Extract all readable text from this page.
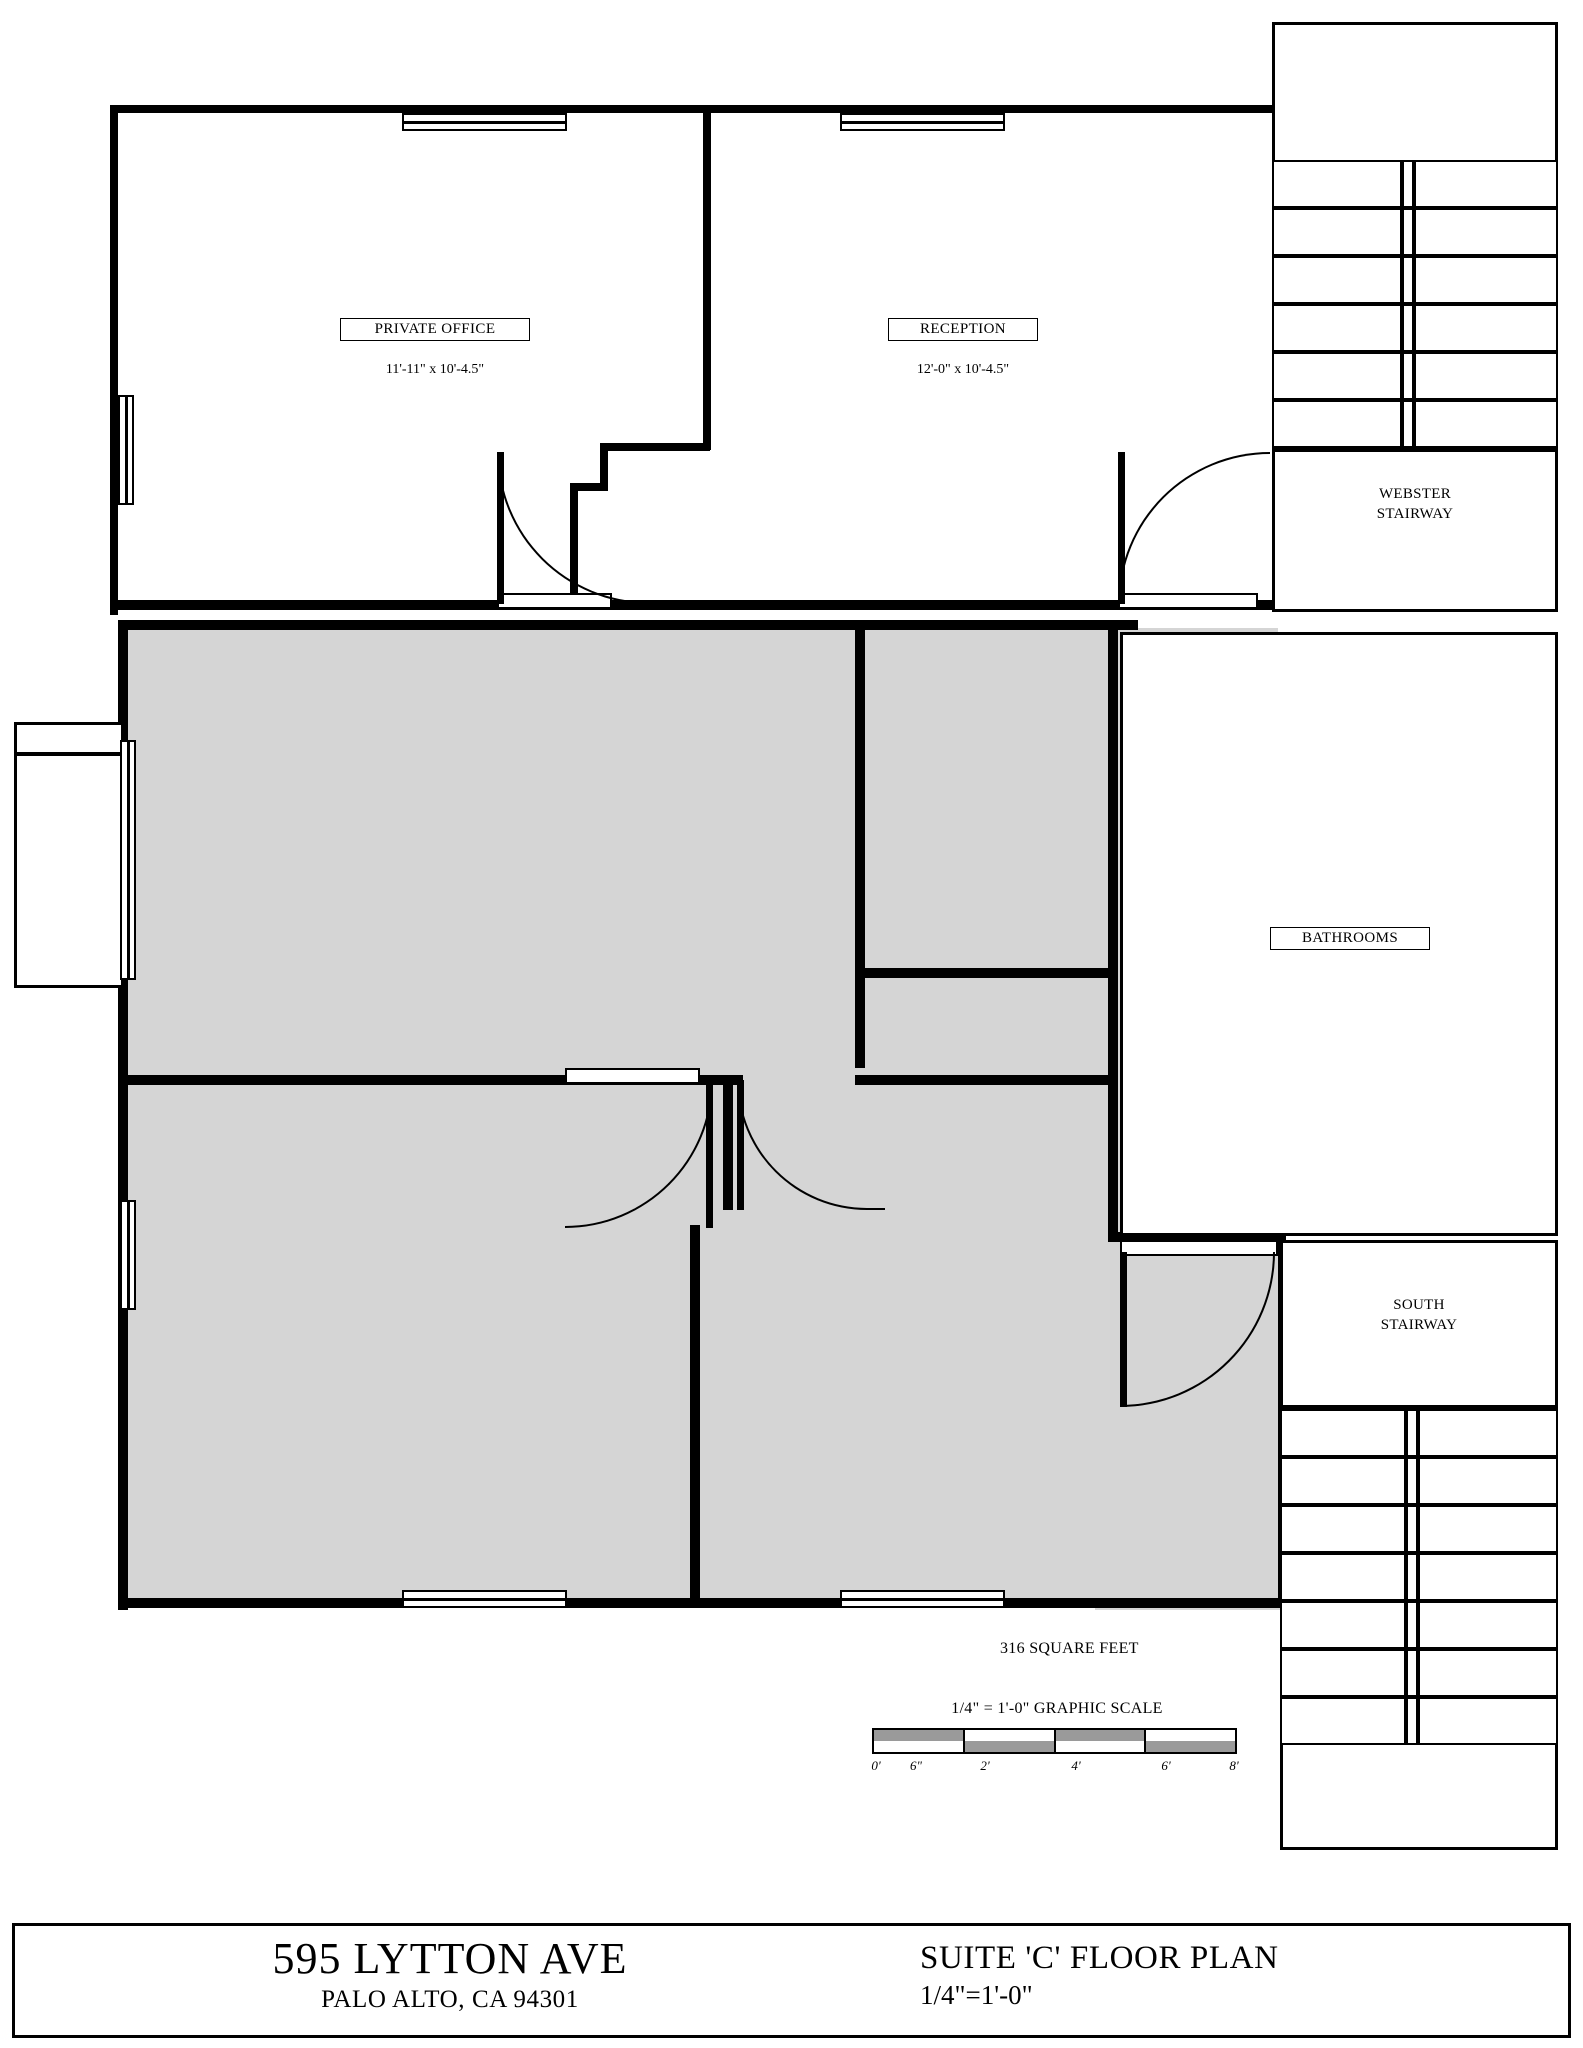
WEBSTER
STAIRWAY
PRIVATE OFFICE
11'-11" x 10'-4.5"
RECEPTION
12'-0" x 10'-4.5"
BATHROOMS
SOUTH
STAIRWAY
316 SQUARE FEET
1/4" = 1'-0" GRAPHIC SCALE
0' 6"	2'	4'	6'	8'
595 LYTTON AVE
PALO ALTO, CA 94301
SUITE 'C' FLOOR PLAN
1/4"=1'-0"
